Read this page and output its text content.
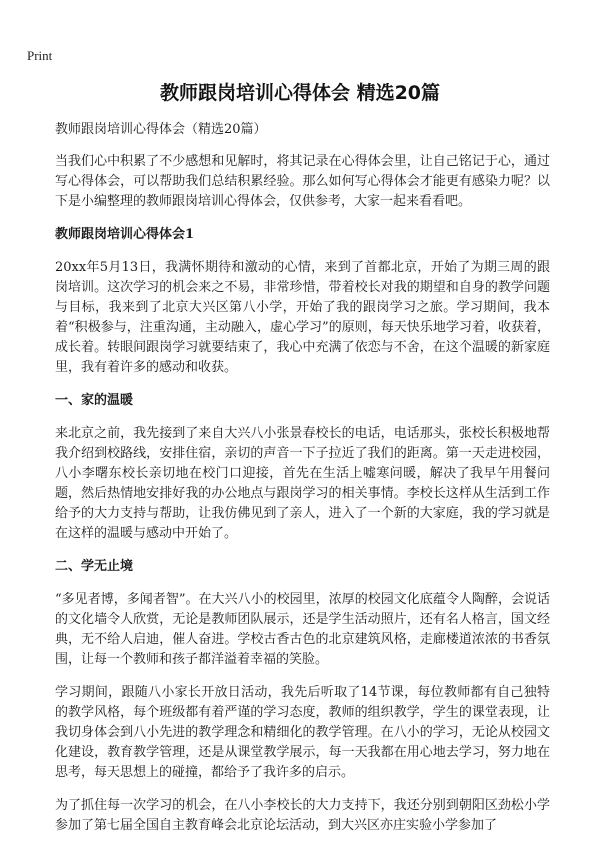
Print
教师跟岗培训心得体会 精选20篇

教师跟岗培训心得体会（精选20篇）

当我们心中积累了不少感想和见解时，将其记录在心得体会里，让自己铭记于心，通过写心得体会，可以帮助我们总结积累经验。那么如何写心得体会才能更有感染力呢？以下是小编整理的教师跟岗培训心得体会，仅供参考，大家一起来看看吧。

教师跟岗培训心得体会1

20xx年5月13日，我满怀期待和激动的心情，来到了首都北京，开始了为期三周的跟岗培训。这次学习的机会来之不易，非常珍惜，带着校长对我的期望和自身的教学问题与目标，我来到了北京大兴区第八小学，开始了我的跟岗学习之旅。学习期间，我本着“积极参与，注重沟通，主动融入，虚心学习”的原则，每天快乐地学习着，收获着，成长着。转眼间跟岗学习就要结束了，我心中充满了依恋与不舍，在这个温暖的新家庭里，我有着许多的感动和收获。

一、家的温暖

来北京之前，我先接到了来自大兴八小张景春校长的电话，电话那头，张校长积极地帮我介绍到校路线，安排住宿，亲切的声音一下子拉近了我们的距离。第一天走进校园，八小李曙东校长亲切地在校门口迎接，首先在生活上嘘寒问暖，解决了我早午用餐问题，然后热情地安排好我的办公地点与跟岗学习的相关事情。李校长这样从生活到工作给予的大力支持与帮助，让我仿佛见到了亲人，进入了一个新的大家庭，我的学习就是在这样的温暖与感动中开始了。

二、学无止境

“多见者博，多闻者智”。在大兴八小的校园里，浓厚的校园文化底蕴令人陶醉，会说话的文化墙令人欣赏，无论是教师团队展示，还是学生活动照片，还有名人格言，国文经典，无不给人启迪，催人奋进。学校古香古色的北京建筑风格，走廊楼道浓浓的书香氛围，让每一个教师和孩子都洋溢着幸福的笑脸。

学习期间，跟随八小家长开放日活动，我先后听取了14节课，每位教师都有自己独特的教学风格，每个班级都有着严谨的学习态度，教师的组织教学，学生的课堂表现，让我切身体会到八小先进的教学理念和精细化的教学管理。在八小的学习，无论从校园文化建设，教育教学管理，还是从课堂教学展示，每一天我都在用心地去学习，努力地在思考，每天思想上的碰撞，都给予了我许多的启示。

为了抓住每一次学习的机会，在八小李校长的大力支持下，我还分别到朝阳区劲松小学参加了第七届全国自主教育峰会北京论坛活动，到大兴区亦庄实验小学参加了
